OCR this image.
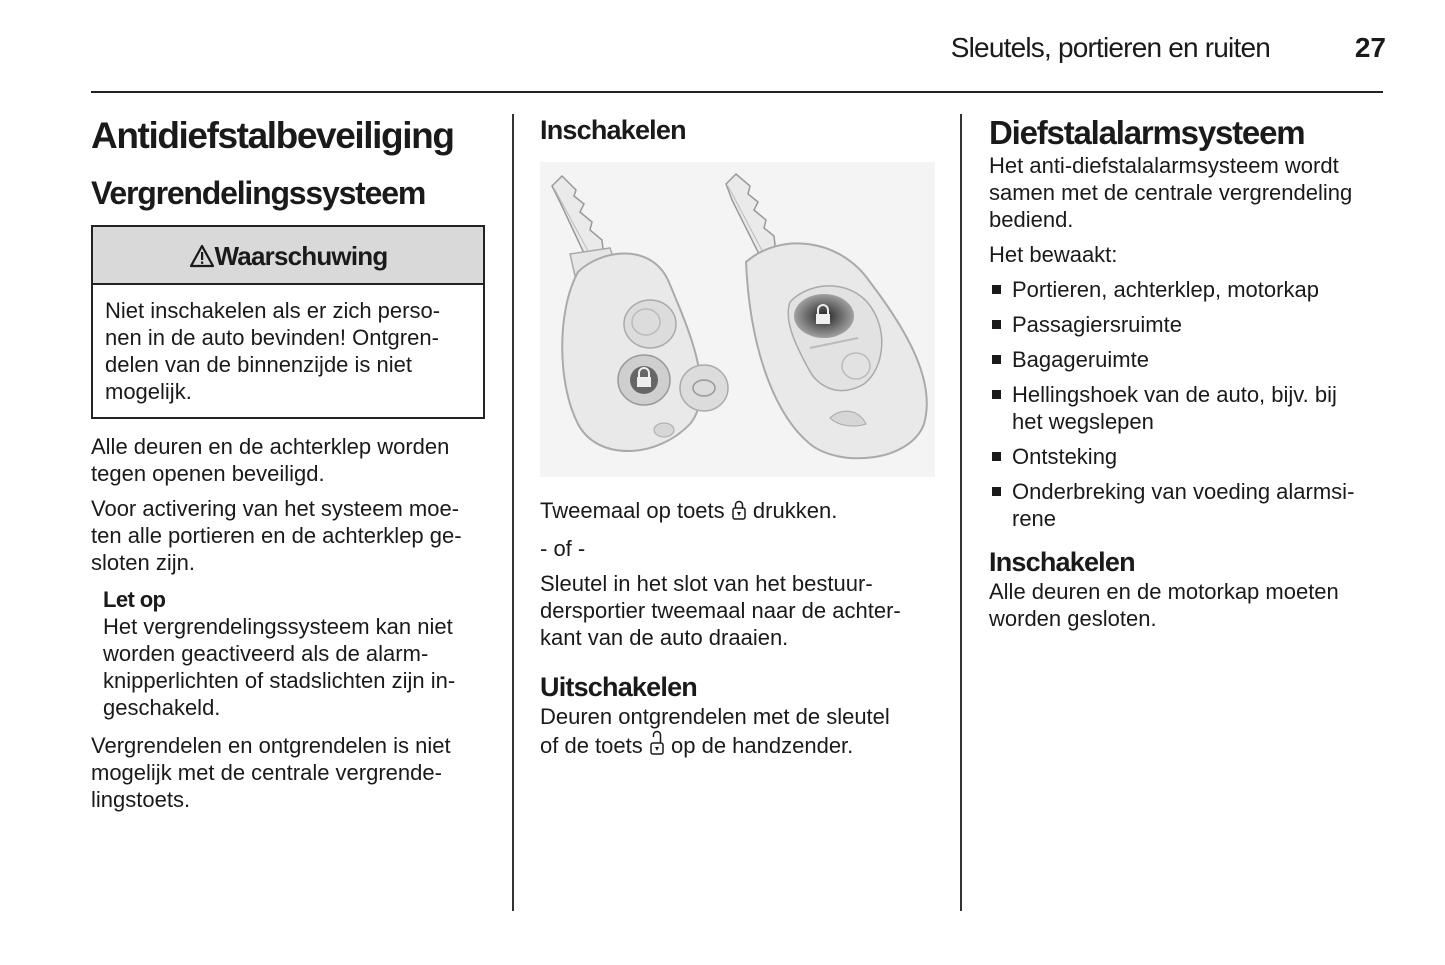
Sleutels, portieren en ruiten	27
Antidiefstalbeveiliging
Vergrendelingssysteem
Waarschuwing
Niet inschakelen als er zich perso-
nen in de auto bevinden! Ontgren-
delen van de binnenzijde is niet
mogelijk.
Alle deuren en de achterklep worden
tegen openen beveiligd.
Voor activering van het systeem moe-
ten alle portieren en de achterklep ge-
sloten zijn.
Let op
Het vergrendelingssysteem kan niet
worden geactiveerd als de alarm-
knipperlichten of stadslichten zijn in-
geschakeld.
Vergrendelen en ontgrendelen is niet
mogelijk met de centrale vergrende-
lingstoets.
Inschakelen
Tweemaal op toets drukken.
- of -
Sleutel in het slot van het bestuur-
dersportier tweemaal naar de achter-
kant van de auto draaien.
Uitschakelen
Deuren ontgrendelen met de sleutel
of de toets op de handzender.
Diefstalalarmsysteem
Het anti-diefstalalarmsysteem wordt
samen met de centrale vergrendeling
bediend.
Het bewaakt:
Portieren, achterklep, motorkap
Passagiersruimte
Bagageruimte
Hellingshoek van de auto, bijv. bij
het wegslepen
Ontsteking
Onderbreking van voeding alarmsi-
rene
Inschakelen
Alle deuren en de motorkap moeten
worden gesloten.
